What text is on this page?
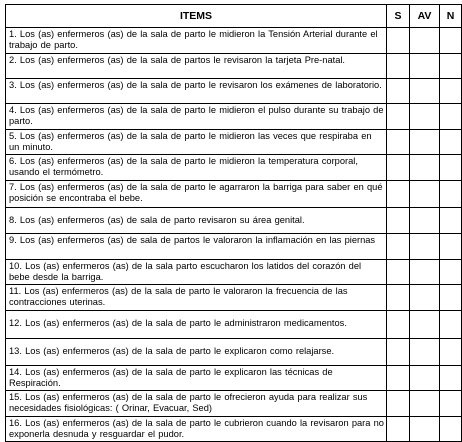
ITEMS	S	AV	N

1. Los (as) enfermeros (as) de la sala de parto le midieron la Tensión Arterial durante el trabajo de parto.			

2. Los (as) enfermeros (as) de la sala de partos le revisaron la tarjeta Pre-natal.			

3. Los (as) enfermeros (as) de la sala de parto le revisaron los exámenes de laboratorio.			

4. Los (as) enfermeros (as) de la sala de parto le midieron el pulso durante su trabajo de parto.			

5. Los (as) enfermeros (as) de la sala de parto le midieron las veces que respiraba en un minuto.			

6. Los (as) enfermeros (as) de la sala de parto le midieron la temperatura corporal, usando el termómetro.			

7. Los (as) enfermeros (as) de la sala de parto le agarraron la barriga para saber en qué posición se encontraba el bebe.			

8. Los (as) enfermeros (as) de sala de parto revisaron su área genital.			

9. Los (as) enfermeros (as) de sala de partos le valoraron la inflamación en las piernas			

10. Los (as) enfermeros (as) de la sala parto escucharon los latidos del corazón del bebe desde la barriga.			

11. Los (as) enfermeros (as) de la sala de parto le valoraron la frecuencia de las contracciones uterinas.			

12. Los (as) enfermeros (as) de la sala de parto le administraron medicamentos.			

13. Los (as) enfermeros (as) de la sala de parto le explicaron como relajarse.			

14. Los (as) enfermeros (as) de la sala de parto le explicaron las técnicas de Respiración.			

15. Los (as) enfermeros (as) de la sala de parto le ofrecieron ayuda para realizar sus necesidades fisiológicas: ( Orinar, Evacuar, Sed)			

16. Los (as) enfermeros (as) de la sala de parto le cubrieron cuando la revisaron para no exponerla desnuda y resguardar el pudor.			
